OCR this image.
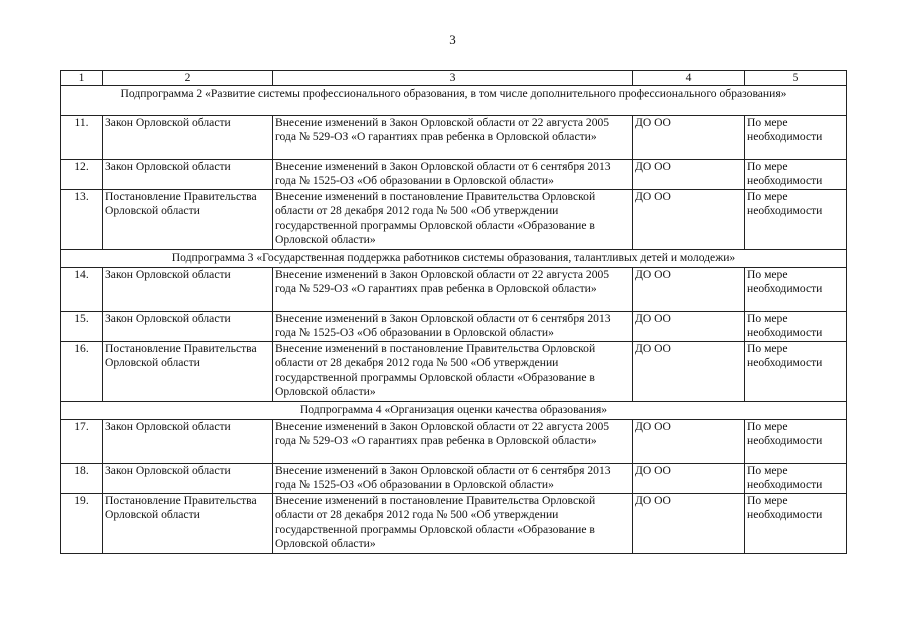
3
1	2	3	4	5
Подпрограмма 2 «Развитие системы профессионального образования, в том числе дополнительного профессионального образования»				
11.	Закон Орловской области	Внесение изменений в Закон Орловской области от 22 августа 2005 года № 529-ОЗ «О гарантиях прав ребенка в Орловской области»	ДО ОО	По мере необходимости
12.	Закон Орловской области	Внесение изменений в Закон Орловской области от 6 сентября 2013 года № 1525-ОЗ «Об образовании в Орловской области»	ДО ОО	По мере необходимости
13.	Постановление Правительства Орловской области	Внесение изменений в постановление Правительства Орловской области от 28 декабря 2012 года № 500 «Об утверждении государственной программы Орловской области «Образование в Орловской области»	ДО ОО	По мере необходимости
Подпрограмма 3 «Государственная поддержка работников системы образования, талантливых детей и молодежи»				
14.	Закон Орловской области	Внесение изменений в Закон Орловской области от 22 августа 2005 года № 529-ОЗ «О гарантиях прав ребенка в Орловской области»	ДО ОО	По мере необходимости
15.	Закон Орловской области	Внесение изменений в Закон Орловской области от 6 сентября 2013 года № 1525-ОЗ «Об образовании в Орловской области»	ДО ОО	По мере необходимости
16.	Постановление Правительства Орловской области	Внесение изменений в постановление Правительства Орловской области от 28 декабря 2012 года № 500 «Об утверждении государственной программы Орловской области «Образование в Орловской области»	ДО ОО	По мере необходимости
Подпрограмма 4 «Организация оценки качества образования»				
17.	Закон Орловской области	Внесение изменений в Закон Орловской области от 22 августа 2005 года № 529-ОЗ «О гарантиях прав ребенка в Орловской области»	ДО ОО	По мере необходимости
18.	Закон Орловской области	Внесение изменений в Закон Орловской области от 6 сентября 2013 года № 1525-ОЗ «Об образовании в Орловской области»	ДО ОО	По мере необходимости
19.	Постановление Правительства Орловской области	Внесение изменений в постановление Правительства Орловской области от 28 декабря 2012 года № 500 «Об утверждении государственной программы Орловской области «Образование в Орловской области»	ДО ОО	По мере необходимости
